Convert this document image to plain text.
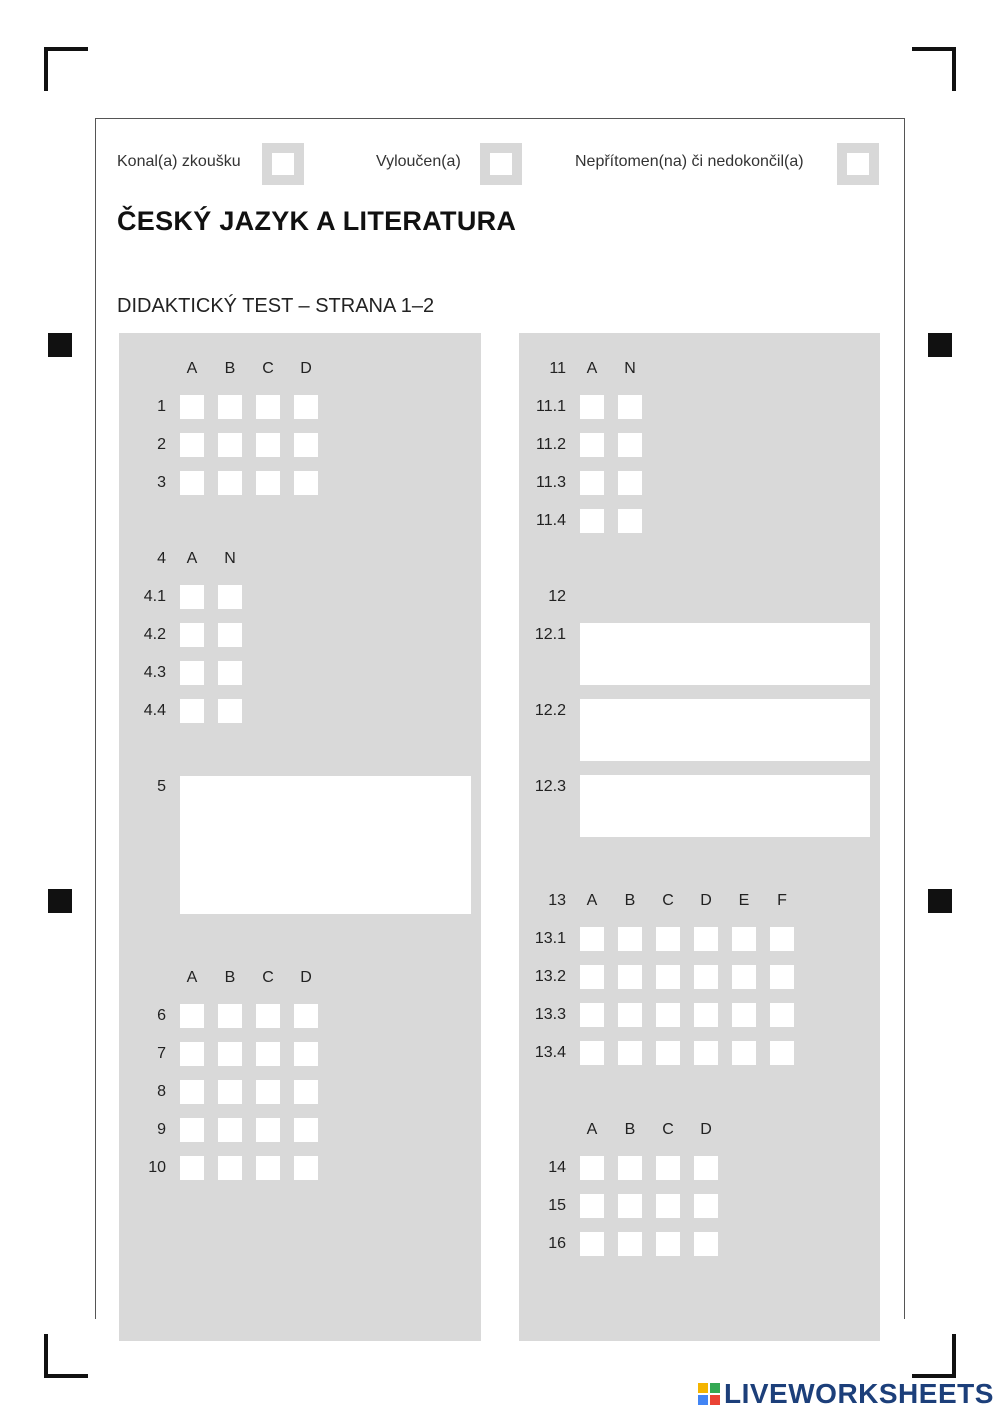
Konal(a) zkoušku	Vyloučen(a)	Nepřítomen(na) či nedokončil(a)
ČESKÝ JAZYK A LITERATURA
DIDAKTICKÝ TEST – STRANA 1–2
A	B	C	D
1
2
3
4	A	N
4.1
4.2
4.3
4.4
5
A	B	C	D
6
7
8
9
10
11	A	N
11.1
11.2
11.3
11.4
12
12.1
12.2
12.3
13	A	B	C	D	E	F
13.1
13.2
13.3
13.4
A	B	C	D
14
15
16
LIVEWORKSHEETS
